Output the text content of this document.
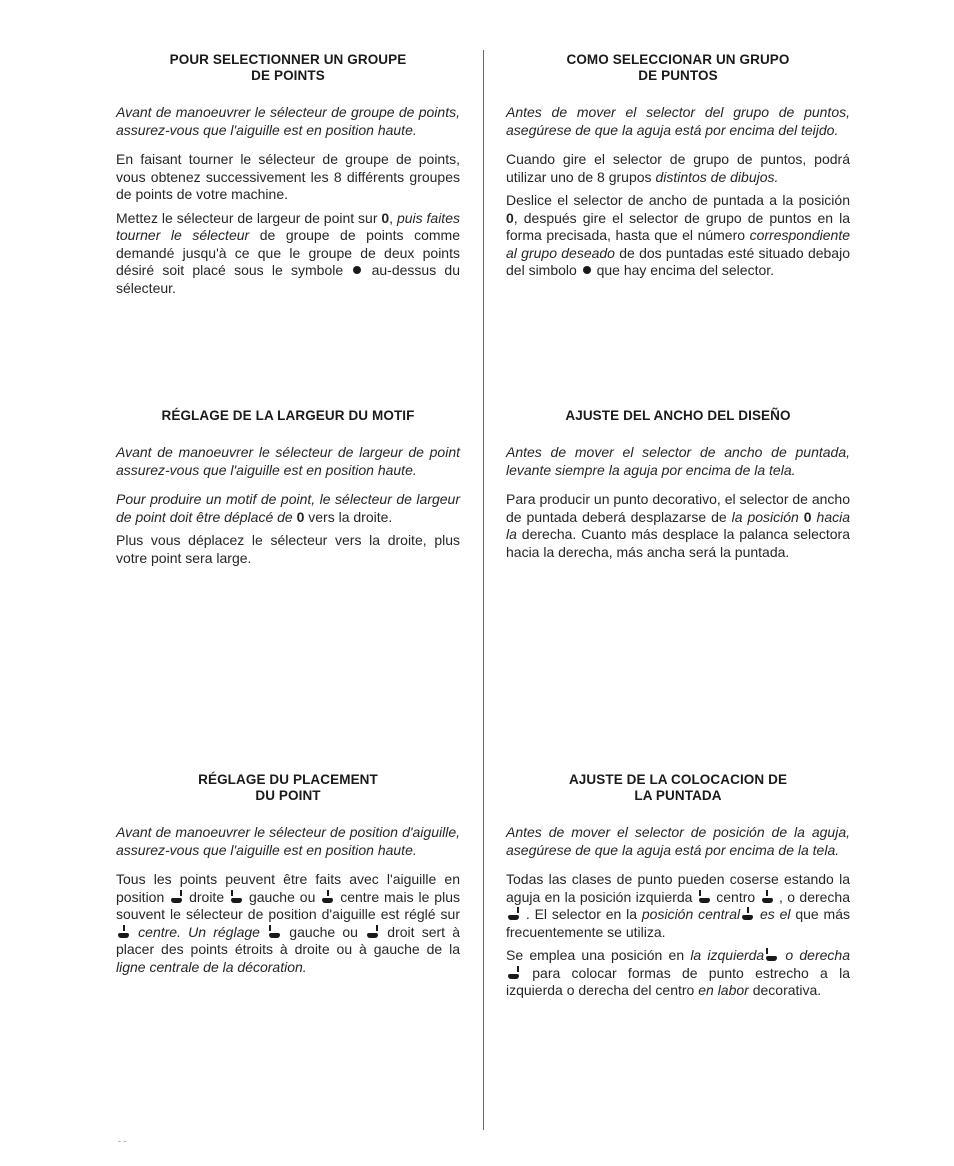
POUR SELECTIONNER UN GROUPE
DE POINTS

Avant de manoeuvrer le sélecteur de groupe de points, assurez-vous que l'aiguille est en position haute.

En faisant tourner le sélecteur de groupe de points, vous obtenez successivement les 8 différents groupes de points de votre machine.

Mettez le sélecteur de largeur de point sur 0, puis faites tourner le sélecteur de groupe de points comme demandé jusqu'à ce que le groupe de deux points désiré soit placé sous le symbole  au-dessus du sélecteur.

RÉGLAGE DE LA LARGEUR DU MOTIF

Avant de manoeuvrer le sélecteur de largeur de point assurez-vous que l'aiguille est en position haute.

Pour produire un motif de point, le sélecteur de largeur de point doit être déplacé de 0 vers la droite.

Plus vous déplacez le sélecteur vers la droite, plus votre point sera large.

RÉGLAGE DU PLACEMENT
DU POINT

Avant de manoeuvrer le sélecteur de position d'aiguille, assurez-vous que l'aiguille est en position haute.

Tous les points peuvent être faits avec l'aiguille en position
droite
gauche ou
centre mais le plus souvent le sélecteur de position d'aiguille est réglé sur
centre. Un réglage
gauche ou
droit sert à placer des points étroits à droite ou à gauche de la ligne centrale de la décoration.

COMO SELECCIONAR UN GRUPO
DE PUNTOS

Antes de mover el selector del grupo de puntos, asegúrese de que la aguja está por encima del teijdo.

Cuando gire el selector de grupo de puntos, podrá utilizar uno de 8 grupos distintos de dibujos.

Deslice el selector de ancho de puntada a la posición 0, después gire el selector de grupo de puntos en la forma precisada, hasta que el número correspondiente al grupo deseado de dos puntadas esté situado debajo del simbolo  que hay encima del selector.

AJUSTE DEL ANCHO DEL DISEÑO

Antes de mover el selector de ancho de puntada, levante siempre la aguja por encima de la tela.

Para producir un punto decorativo, el selector de ancho de puntada deberá desplazarse de la posición 0 hacia la derecha. Cuanto más desplace la palanca selectora hacia la derecha, más ancha será la puntada.

AJUSTE DE LA COLOCACION DE
LA PUNTADA

Antes de mover el selector de posición de la aguja, asegúrese de que la aguja está por encima de la tela.

Todas las clases de punto pueden coserse estando la aguja en la posición izquierda
centro
, o derecha
. El selector en la posición central
es el que más frecuentemente se utiliza.

Se emplea una posición en la izquierda
o derecha
para colocar formas de punto estrecho a la izquierda o derecha del centro en labor decorativa.

- -
